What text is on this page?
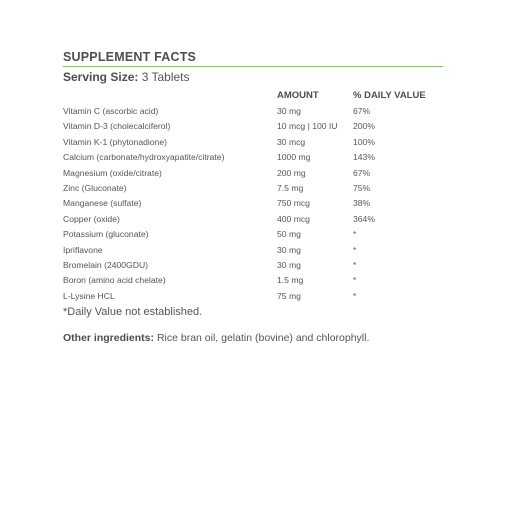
SUPPLEMENT FACTS
Serving Size: 3 Tablets
	AMOUNT	% DAILY VALUE
Vitamin C (ascorbic acid)	30 mg	67%
Vitamin D-3 (cholecalciferol)	10 mcg | 100 IU	200%
Vitamin K-1 (phytonadione)	30 mcg	100%
Calcium (carbonate/hydroxyapatite/citrate)	1000 mg	143%
Magnesium (oxide/citrate)	200 mg	67%
Zinc (Gluconate)	7.5 mg	75%
Manganese (sulfate)	750 mcg	38%
Copper (oxide)	400 mcg	364%
Potassium (gluconate)	50 mg	*
Ipriflavone	30 mg	*
Bromelain (2400GDU)	30 mg	*
Boron (amino acid chelate)	1.5 mg	*
L-Lysine HCL	75 mg	*
*Daily Value not established.
Other ingredients: Rice bran oil, gelatin (bovine) and chlorophyll.
